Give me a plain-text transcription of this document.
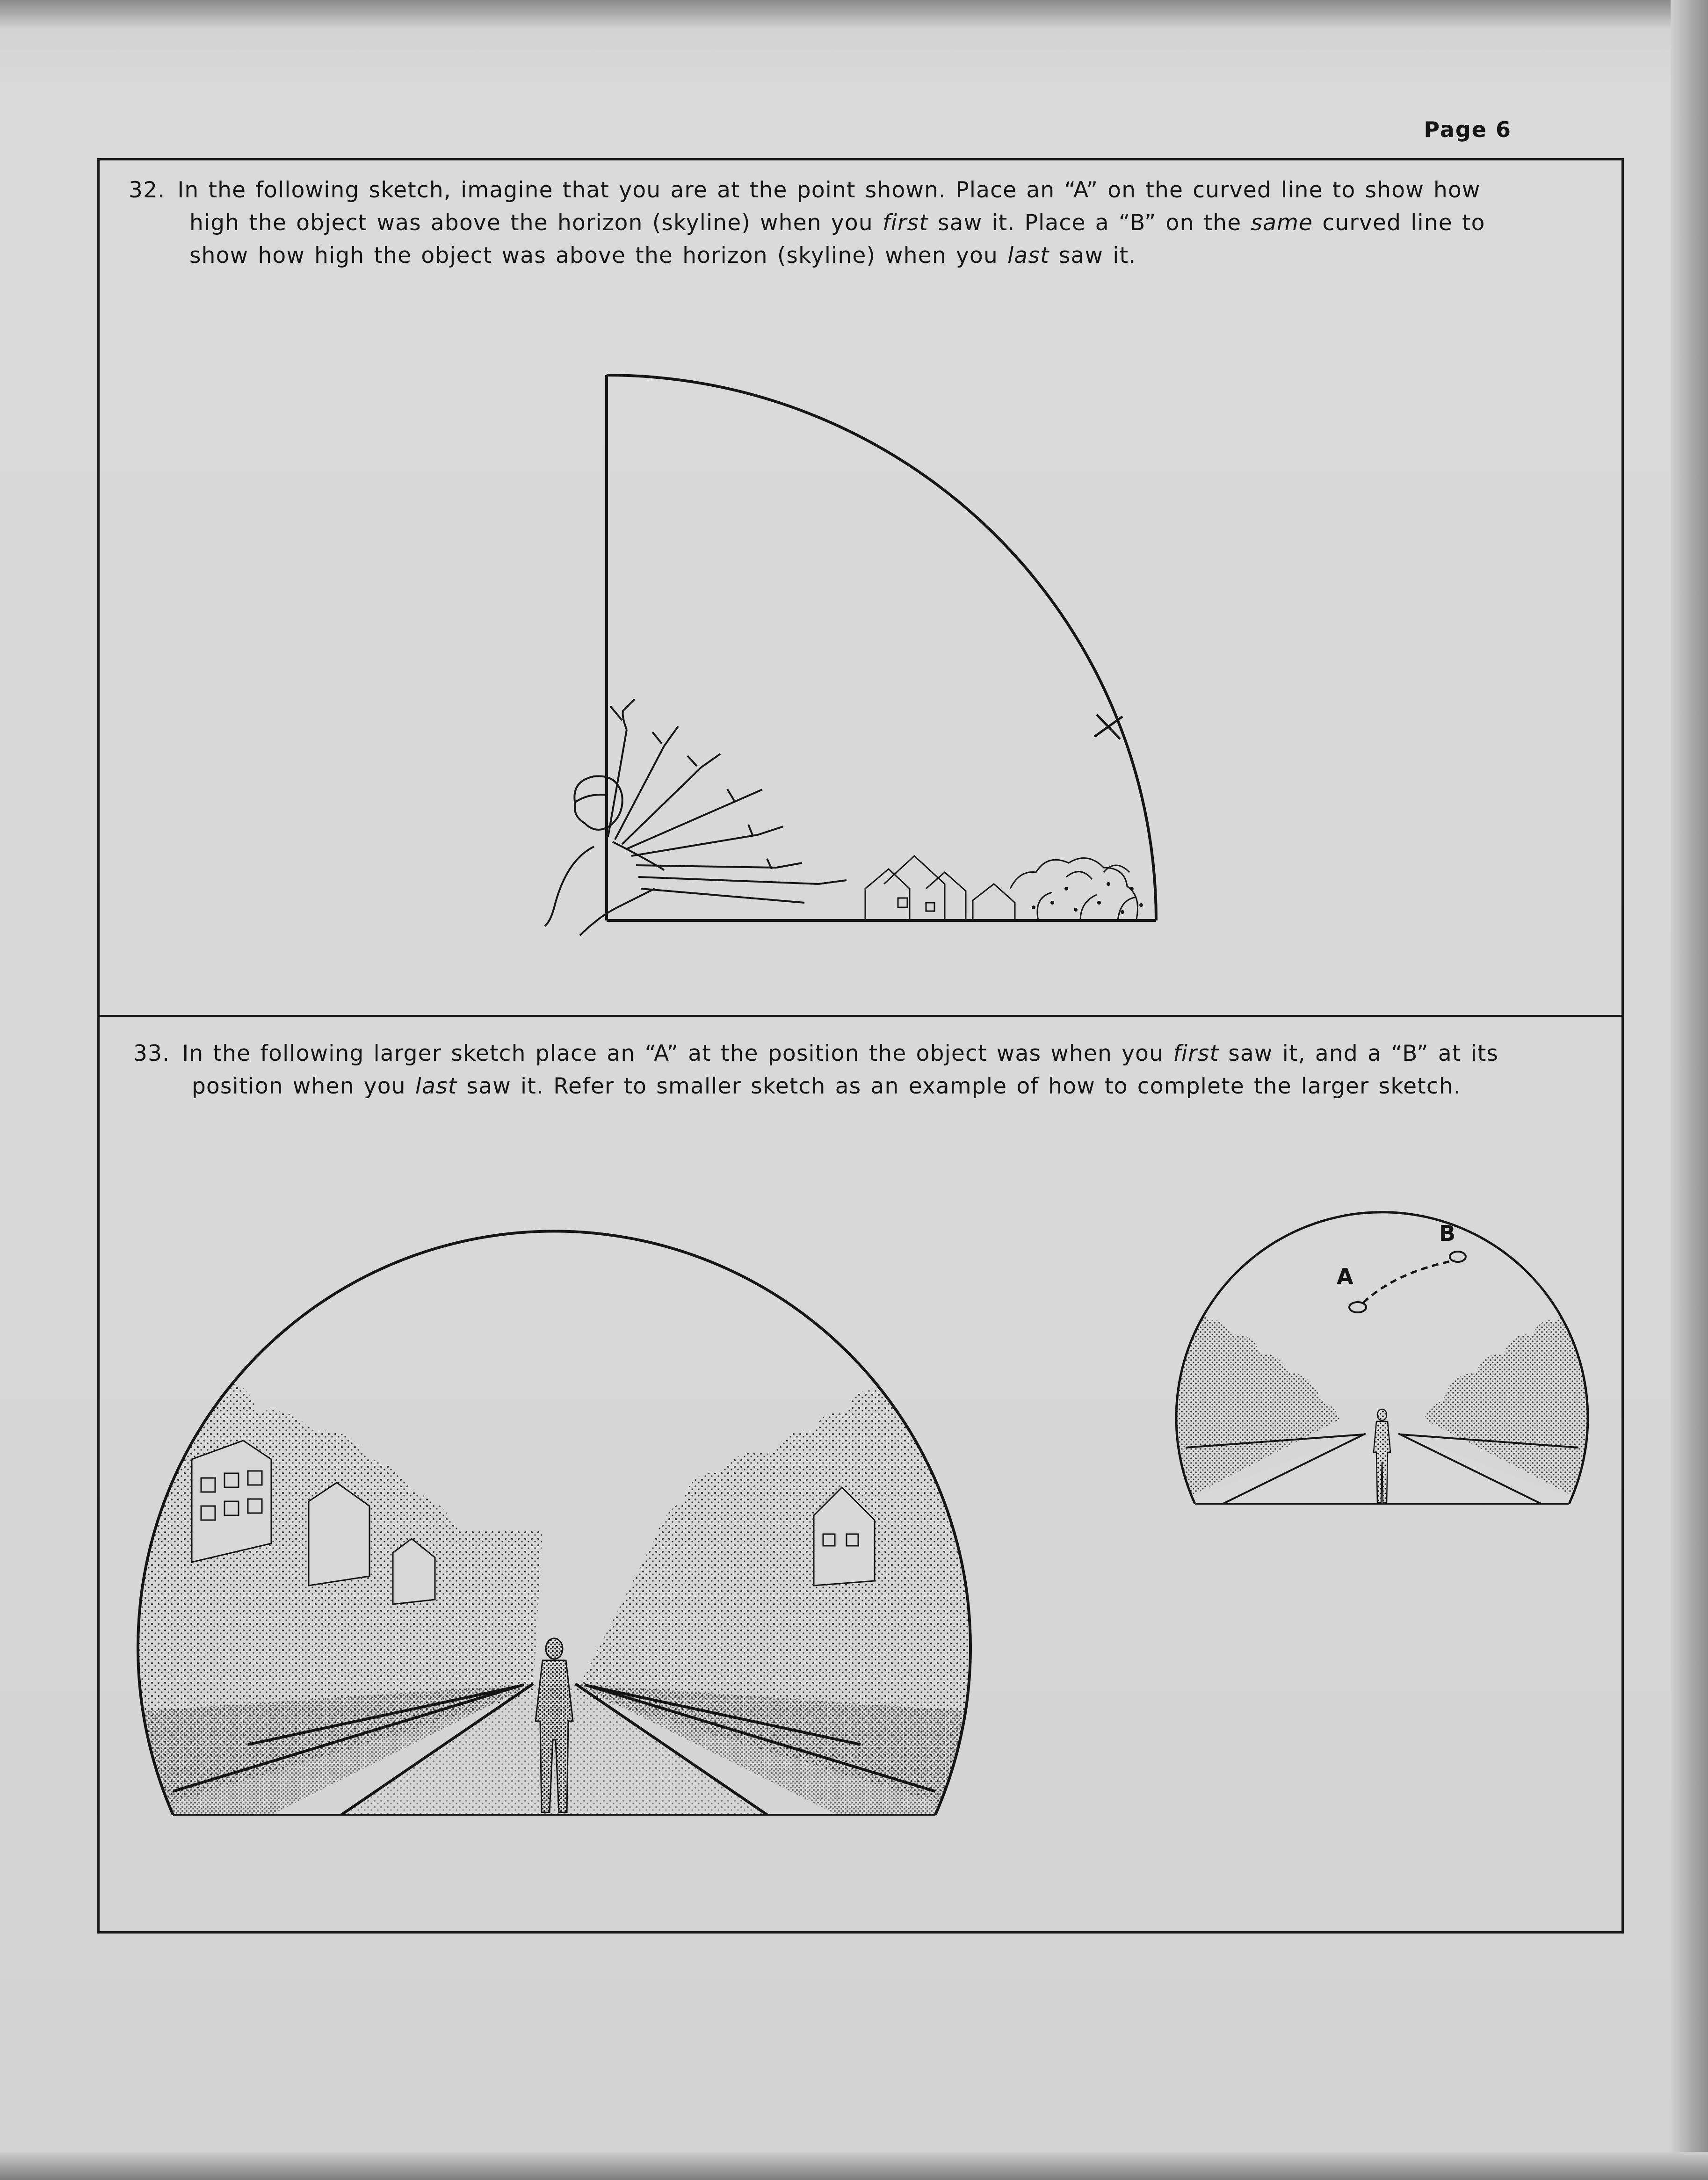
Page 6
32. In the following sketch, imagine that you are at the point shown. Place an “A” on the curved line to show how
high the object was above the horizon (skyline) when you first saw it. Place a “B” on the same curved line to
show how high the object was above the horizon (skyline) when you last saw it.
33. In the following larger sketch place an “A” at the position the object was when you first saw it, and a “B” at its
position when you last saw it. Refer to smaller sketch as an example of how to complete the larger sketch.
A
B
